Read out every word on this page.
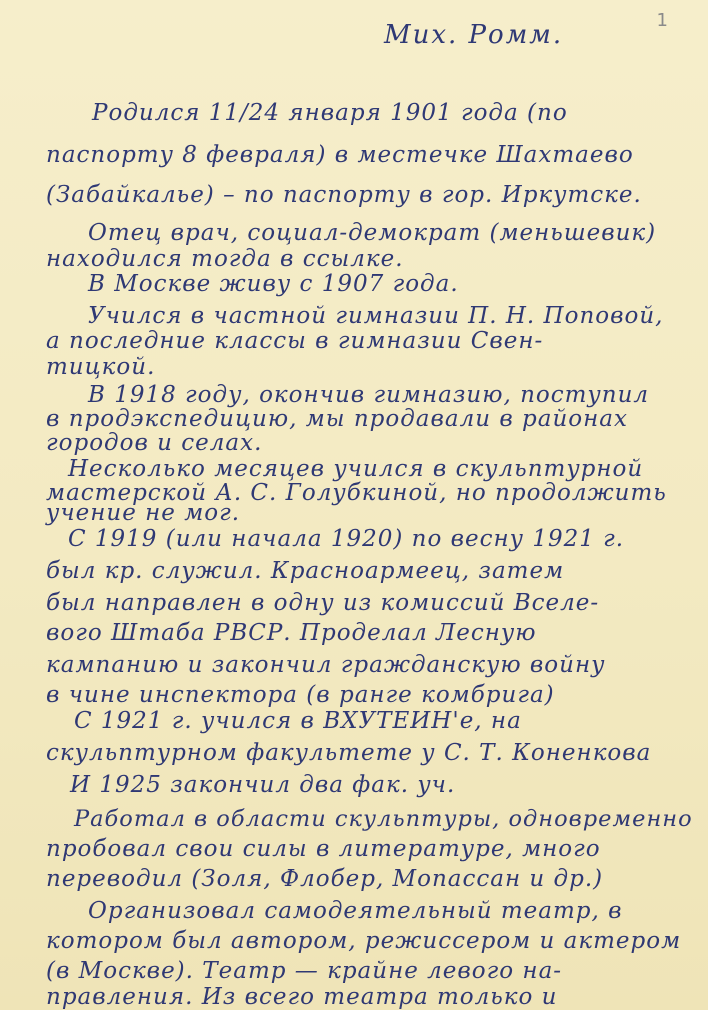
1
Мих. Ромм.
Родился 11/24 января 1901 года (по
паспорту 8 февраля) в местечке Шахтаево
(Забайкалье) – по паспорту в гор. Иркутске.
Отец врач, социал-демократ (меньшевик)
находился тогда в ссылке.
В Москве живу с 1907 года.
Учился в частной гимназии П. Н. Поповой,
а последние классы в гимназии Свен-
тицкой.
В 1918 году, окончив гимназию, поступил
в продэкспедицию, мы продавали в районах
городов и селах.
Несколько месяцев учился в скульптурной
мастерской А. С. Голубкиной, но продолжить
учение не мог.
С 1919 (или начала 1920) по весну 1921 г.
был кр. служил. Красноармеец, затем
был направлен в одну из комиссий Вселе-
вого Штаба РВСР. Проделал Лесную
кампанию и закончил гражданскую войну
в чине инспектора (в ранге комбрига)
С 1921 г. учился в ВХУТЕИН'е, на
скульптурном факультете у С. Т. Коненкова
И 1925 закончил два фак. уч.
Работал в области скульптуры, одновременно
пробовал свои силы в литературе, много
переводил (Золя, Флобер, Мопассан и др.)
Организовал самодеятельный театр, в
котором был автором, режиссером и актером
(в Москве). Театр — крайне левого на-
правления. Из всего театра только и
